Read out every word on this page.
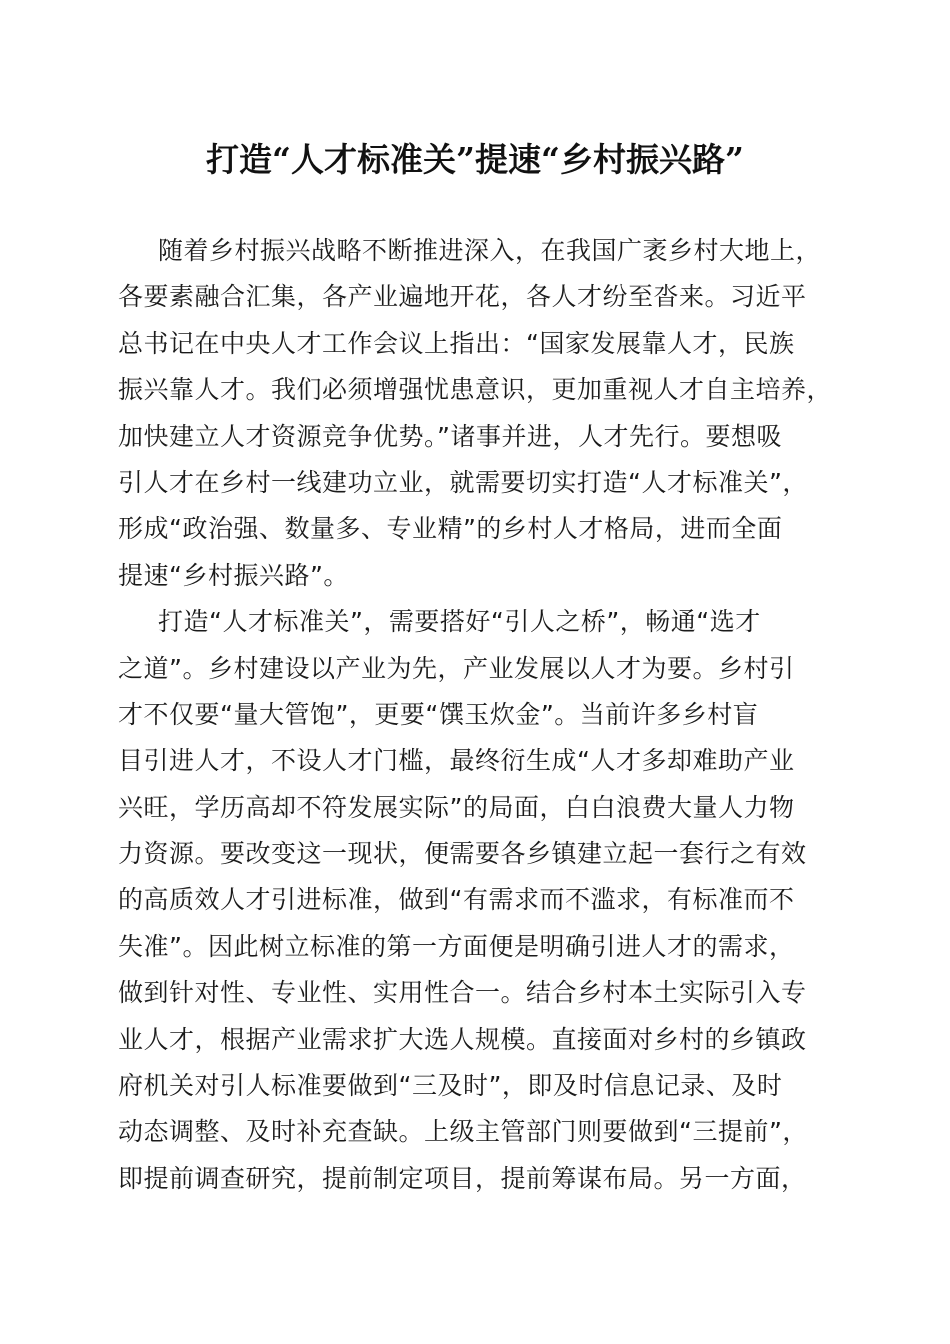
打造“人才标准关”提速“乡村振兴路”

随着乡村振兴战略不断推进深入，在我国广袤乡村大地上，
各要素融合汇集，各产业遍地开花，各人才纷至沓来。习近平
总书记在中央人才工作会议上指出：“国家发展靠人才，民族
振兴靠人才。我们必须增强忧患意识，更加重视人才自主培养，
加快建立人才资源竞争优势。”诸事并进，人才先行。要想吸
引人才在乡村一线建功立业，就需要切实打造“人才标准关”，
形成“政治强、数量多、专业精”的乡村人才格局，进而全面
提速“乡村振兴路”。

打造“人才标准关”，需要搭好“引人之桥”，畅通“选才
之道”。乡村建设以产业为先，产业发展以人才为要。乡村引
才不仅要“量大管饱”，更要“馔玉炊金”。当前许多乡村盲
目引进人才，不设人才门槛，最终衍生成“人才多却难助产业
兴旺，学历高却不符发展实际”的局面，白白浪费大量人力物
力资源。要改变这一现状，便需要各乡镇建立起一套行之有效
的高质效人才引进标准，做到“有需求而不滥求，有标准而不
失准”。因此树立标准的第一方面便是明确引进人才的需求，
做到针对性、专业性、实用性合一。结合乡村本土实际引入专
业人才，根据产业需求扩大选人规模。直接面对乡村的乡镇政
府机关对引人标准要做到“三及时”，即及时信息记录、及时
动态调整、及时补充查缺。上级主管部门则要做到“三提前”，
即提前调查研究，提前制定项目，提前筹谋布局。另一方面，
